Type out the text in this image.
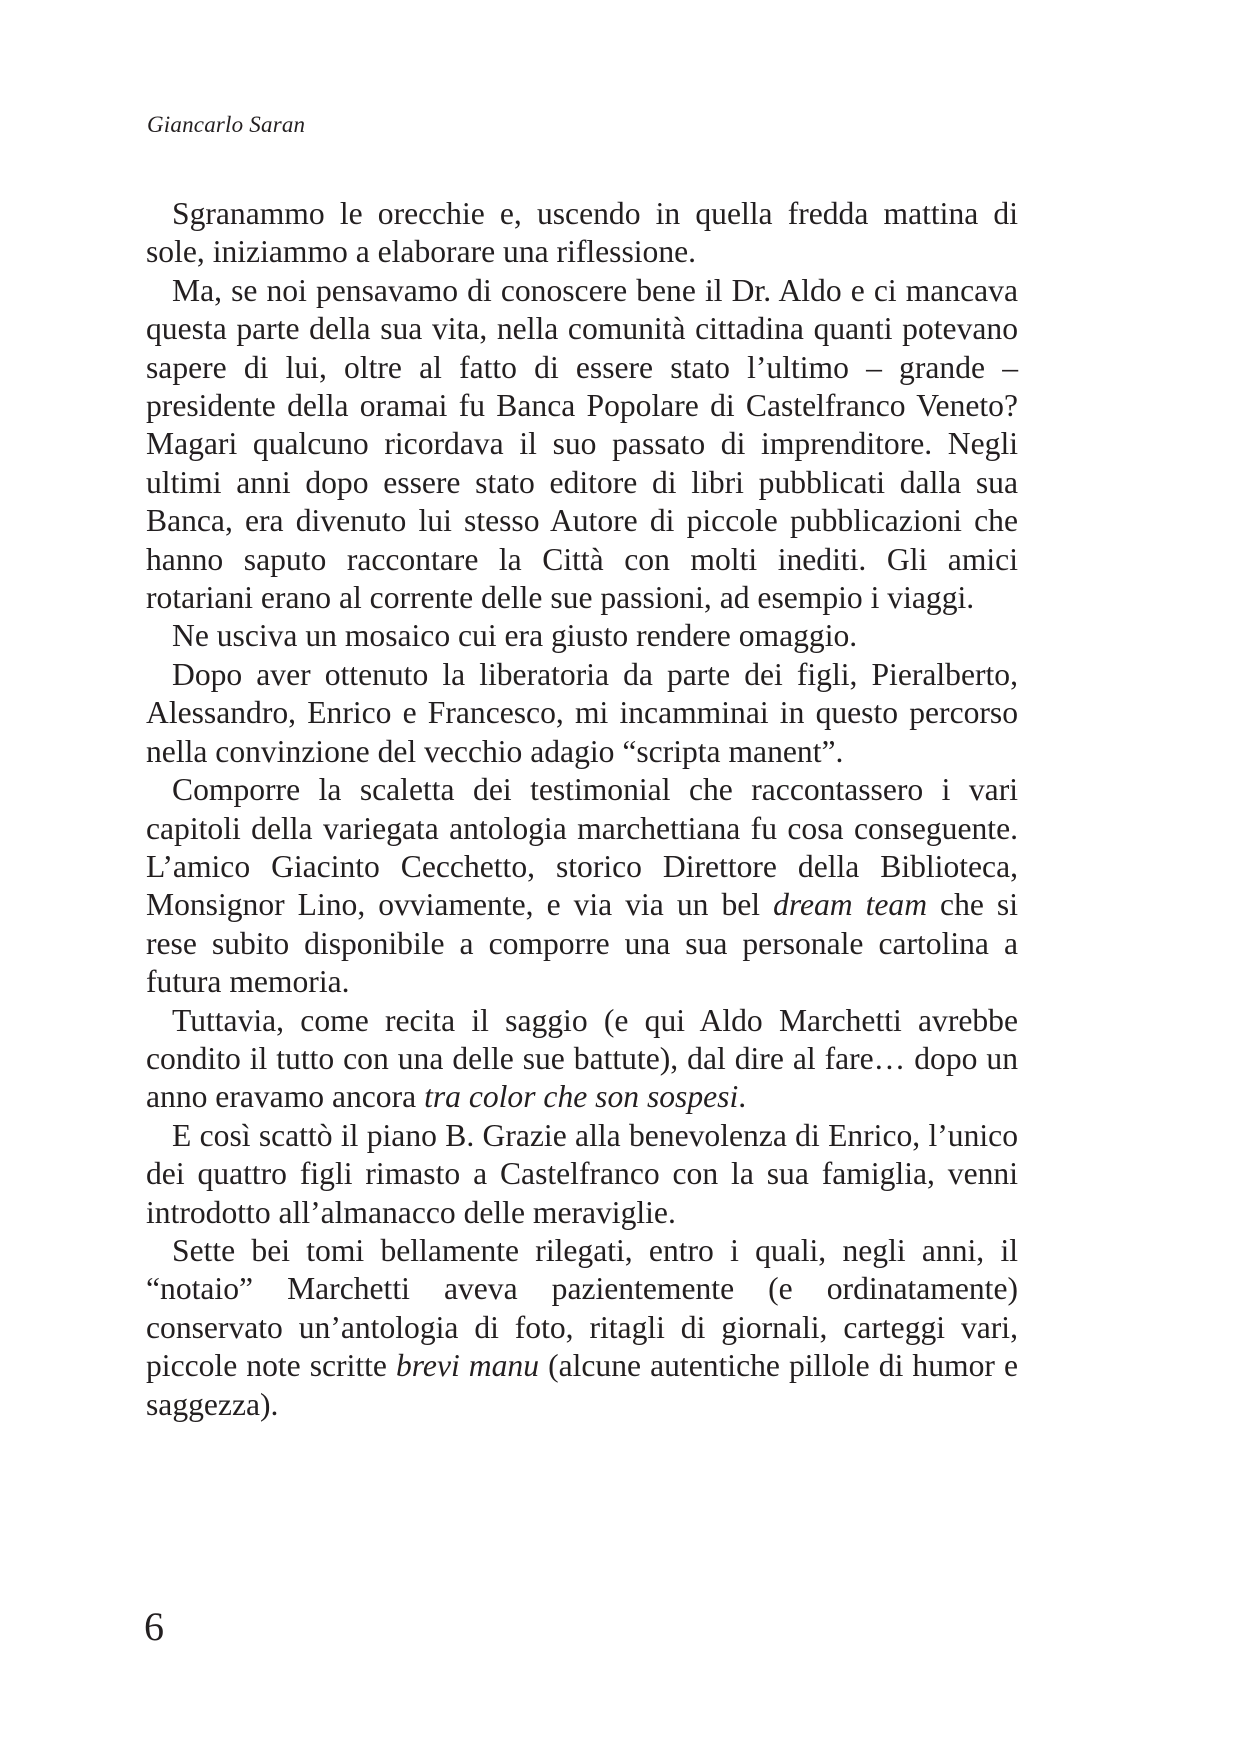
Giancarlo Saran

Sgranammo le orecchie e, uscendo in quella fredda mattina di sole, iniziammo a elaborare una riflessione.

Ma, se noi pensavamo di conoscere bene il Dr. Aldo e ci mancava questa parte della sua vita, nella comunità cittadina quanti potevano sapere di lui, oltre al fatto di essere stato l’ultimo – grande – presidente della oramai fu Banca Popolare di Castelfranco Veneto? Magari qualcuno ricordava il suo passato di imprenditore. Negli ultimi anni dopo essere stato editore di libri pubblicati dalla sua Banca, era divenuto lui stesso Autore di piccole pubblicazioni che hanno saputo raccontare la Città con molti inediti. Gli amici rotariani erano al corrente delle sue passioni, ad esempio i viaggi.

Ne usciva un mosaico cui era giusto rendere omaggio.

Dopo aver ottenuto la liberatoria da parte dei figli, Pieralberto, Alessandro, Enrico e Francesco, mi incamminai in questo percorso nella convinzione del vecchio adagio “scripta manent”.

Comporre la scaletta dei testimonial che raccontassero i vari capitoli della variegata antologia marchettiana fu cosa conseguente. L’amico Giacinto Cecchetto, storico Direttore della Biblioteca, Monsignor Lino, ovviamente, e via via un bel dream team che si rese subito disponibile a comporre una sua personale cartolina a futura memoria.

Tuttavia, come recita il saggio (e qui Aldo Marchetti avrebbe condito il tutto con una delle sue battute), dal dire al fare… dopo un anno eravamo ancora tra color che son sospesi.

E così scattò il piano B. Grazie alla benevolenza di Enrico, l’unico dei quattro figli rimasto a Castelfranco con la sua famiglia, venni introdotto all’almanacco delle meraviglie.

Sette bei tomi bellamente rilegati, entro i quali, negli anni, il “notaio” Marchetti aveva pazientemente (e ordinatamente) conservato un’antologia di foto, ritagli di giornali, carteggi vari, piccole note scritte brevi manu (alcune autentiche pillole di humor e saggezza).

6
